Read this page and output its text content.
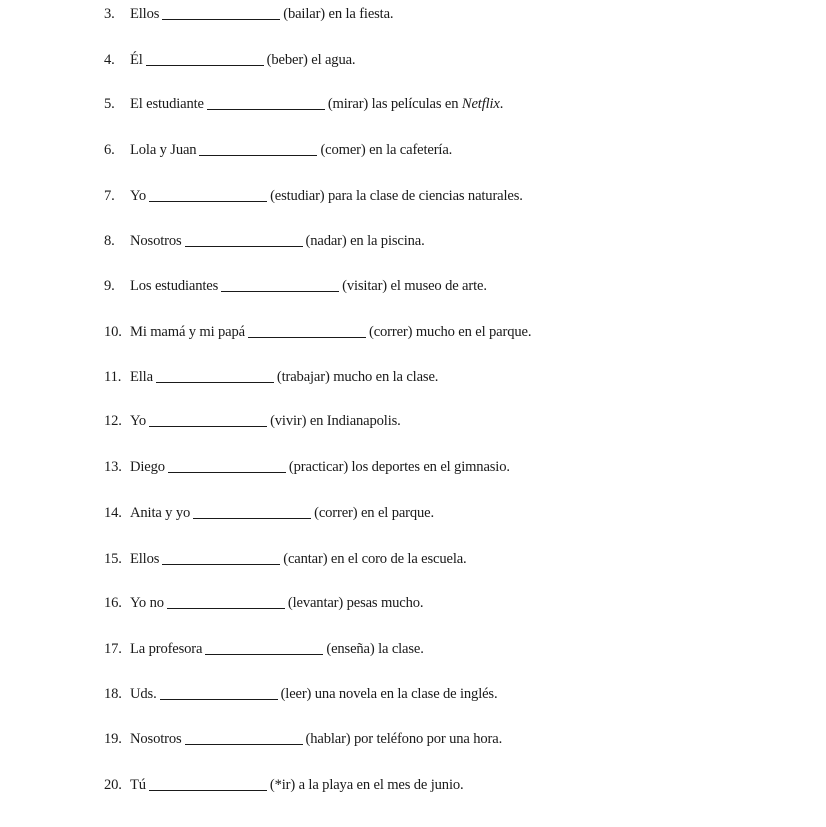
3.	Ellos	(bailar)
en la fiesta.
4.	Él	(beber)
el agua.
5.	El estudiante	(mirar)
las películas en
Netflix .
6.	Lola y Juan	(comer)
en la cafetería.
7.	Yo	(estudiar)
para la clase de ciencias naturales.
8.	Nosotros	(nadar)
en la piscina.
9.	Los estudiantes	(visitar)
el museo de arte.
10. Mi mamá y mi papá	(correr)
mucho en el parque.
11. Ella	(trabajar)
mucho en la clase.
12. Yo	(vivir)
en Indianapolis.
13. Diego	(practicar)
los deportes en el gimnasio.
14. Anita y yo	(correr)
en el parque.
15. Ellos	(cantar)
en el coro de la escuela.
16. Yo no	(levantar)
pesas mucho.
17. La profesora	(enseña)
la clase.
18. Uds.	(leer)
una novela en la clase de inglés.
19. Nosotros	(hablar)
por teléfono por una hora.
20. Tú	(*ir)
a la playa en el mes de junio.
